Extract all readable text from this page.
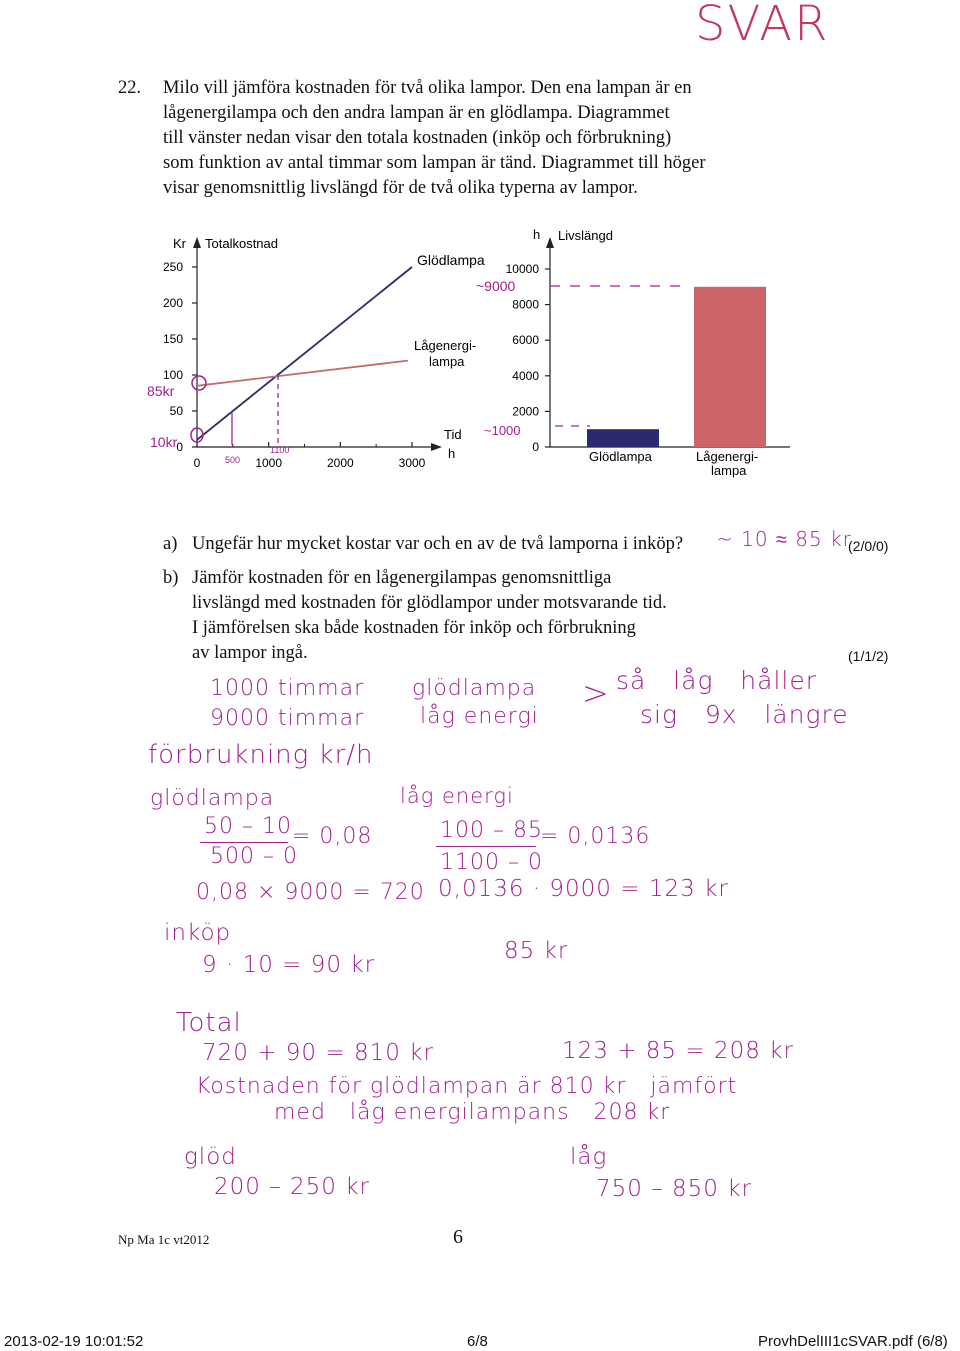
SVAR
22. Milo vill jämföra kostnaden för två olika lampor. Den ena lampan är en
lågenergilampa och den andra lampan är en glödlampa. Diagrammet
till vänster nedan visar den totala kostnaden (inköp och förbrukning)
som funktion av antal timmar som lampan är tänd. Diagrammet till höger
visar genomsnittlig livslängd för de två olika typerna av lampor.
0
50
100
150
200
250
0	1000	2000	3000
Kr Totalkostnad
Tid
h
Glödlampa
Lågenergi-
lampa
85kr
10kr
500
1100	0
2000
4000
6000
8000
10000
h Livslängd
Glödlampa	Lågenergi-
lampa
~9000
~1000
a) Ungefär hur mycket kostar var och en av de två lamporna i inköp? ~ 10 ≈ 85 kr
(2/0/0)
b) Jämför kostnaden för en lågenergilampas genomsnittliga
livslängd med kostnaden för glödlampor under motsvarande tid.
I jämförelsen ska både kostnaden för inköp och förbrukning
av lampor ingå.	(1/1/2)
1000 timmar
9000 timmar
glödlampa
låg energi
> så   låg   håller
sig   9x   längre
förbrukning kr/h
glödlampa	låg energi
50 – 10
500 – 0
= 0,08	100 – 85
1100 – 0
= 0,0136
0,08 × 9000 = 720 0,0136 · 9000 = 123 kr
inköp
9 · 10 = 90 kr
85 kr
Total
720 + 90 = 810 kr	123 + 85 = 208 kr
Kostnaden för glödlampan är 810 kr   jämfört
med   låg energilampans   208 kr
glöd
200 – 250 kr
låg
750 – 850 kr
Np Ma 1c vt2012	6
2013-02-19 10:01:52	6/8	ProvhDelIII1cSVAR.pdf (6/8)
